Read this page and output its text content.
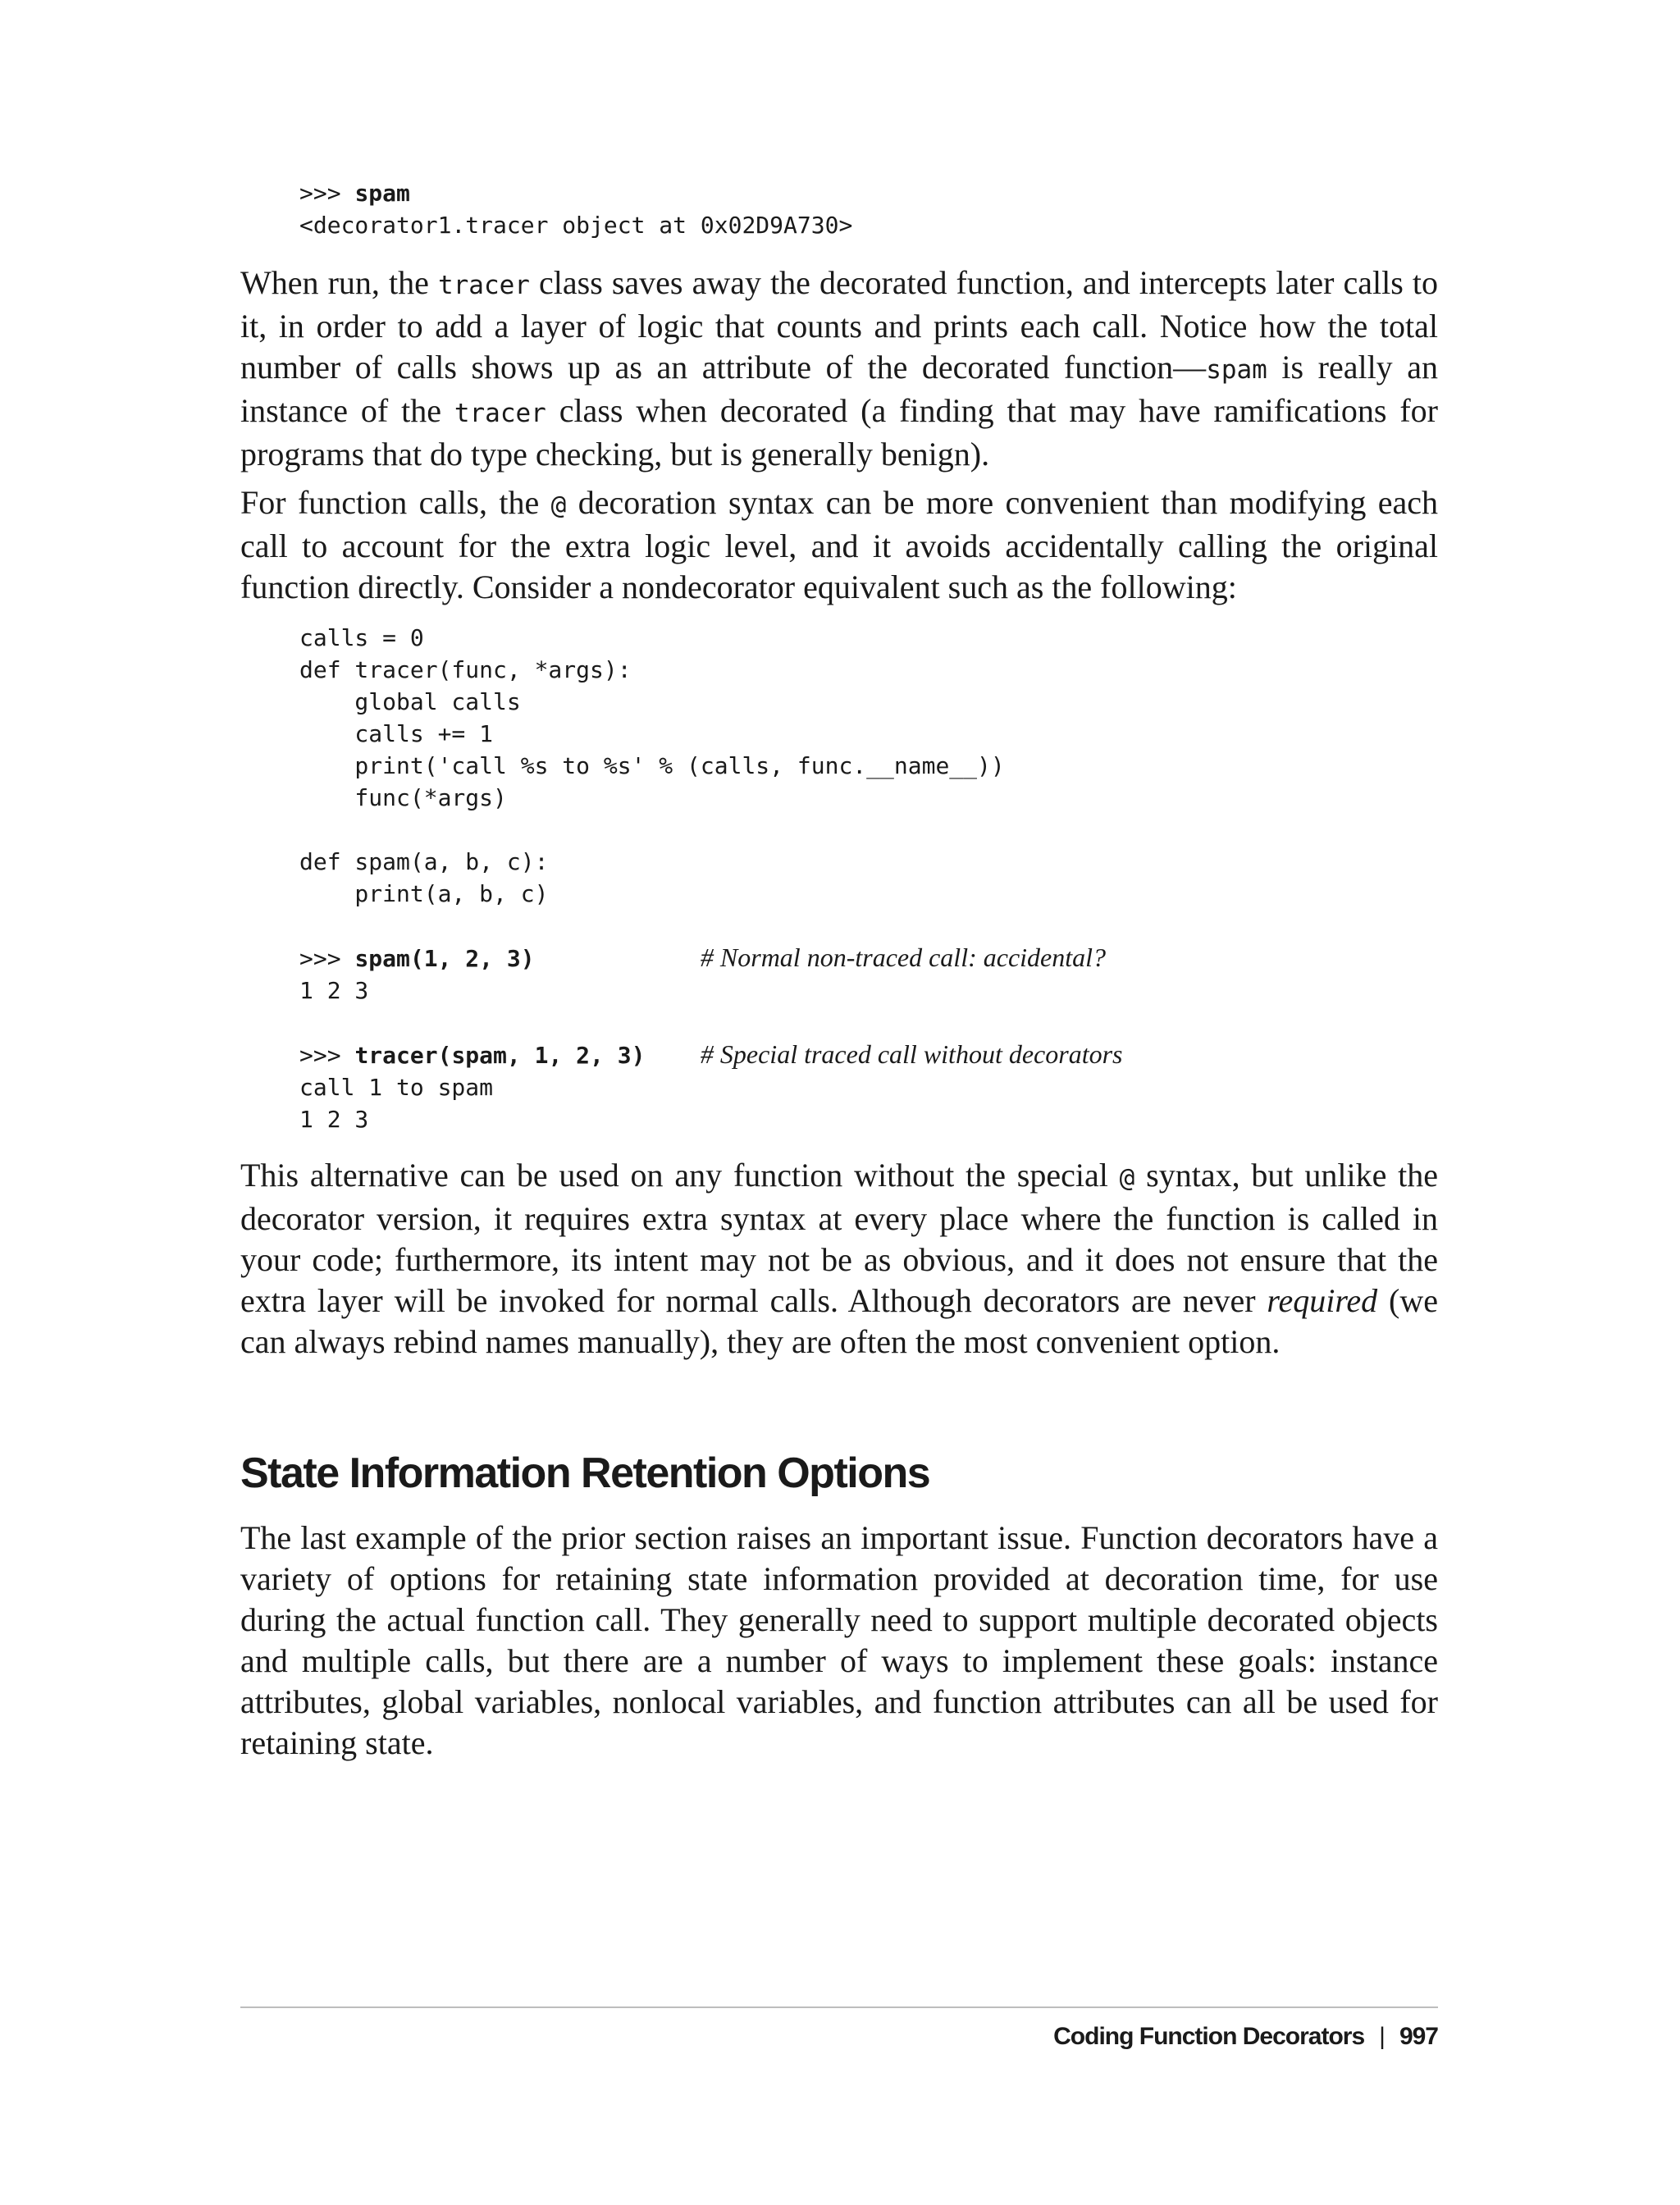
>>> spam
<decorator1.tracer object at 0x02D9A730>

When run, the tracer class saves away the decorated function, and intercepts later calls to it, in order to add a layer of logic that counts and prints each call. Notice how the total number of calls shows up as an attribute of the decorated function—spam is really an instance of the tracer class when decorated (a finding that may have ramifications for programs that do type checking, but is generally benign).

For function calls, the @ decoration syntax can be more convenient than modifying each call to account for the extra logic level, and it avoids accidentally calling the original function directly. Consider a nondecorator equivalent such as the following:

calls = 0
def tracer(func, *args):
global calls
calls += 1
print('call %s to %s' % (calls, func.__name__))
func(*args)

def spam(a, b, c):
print(a, b, c)

>>> spam(1, 2, 3)	# Normal non-traced call: accidental?
1 2 3

>>> tracer(spam, 1, 2, 3) # Special traced call without decorators
call 1 to spam
1 2 3

This alternative can be used on any function without the special @ syntax, but unlike the decorator version, it requires extra syntax at every place where the function is called in your code; furthermore, its intent may not be as obvious, and it does not ensure that the extra layer will be invoked for normal calls. Although decorators are never required (we can always rebind names manually), they are often the most convenient option.

State Information Retention Options

The last example of the prior section raises an important issue. Function decorators have a variety of options for retaining state information provided at decoration time, for use during the actual function call. They generally need to support multiple decorated objects and multiple calls, but there are a number of ways to implement these goals: instance attributes, global variables, nonlocal variables, and function attributes can all be used for retaining state.

Coding Function Decorators | 997
